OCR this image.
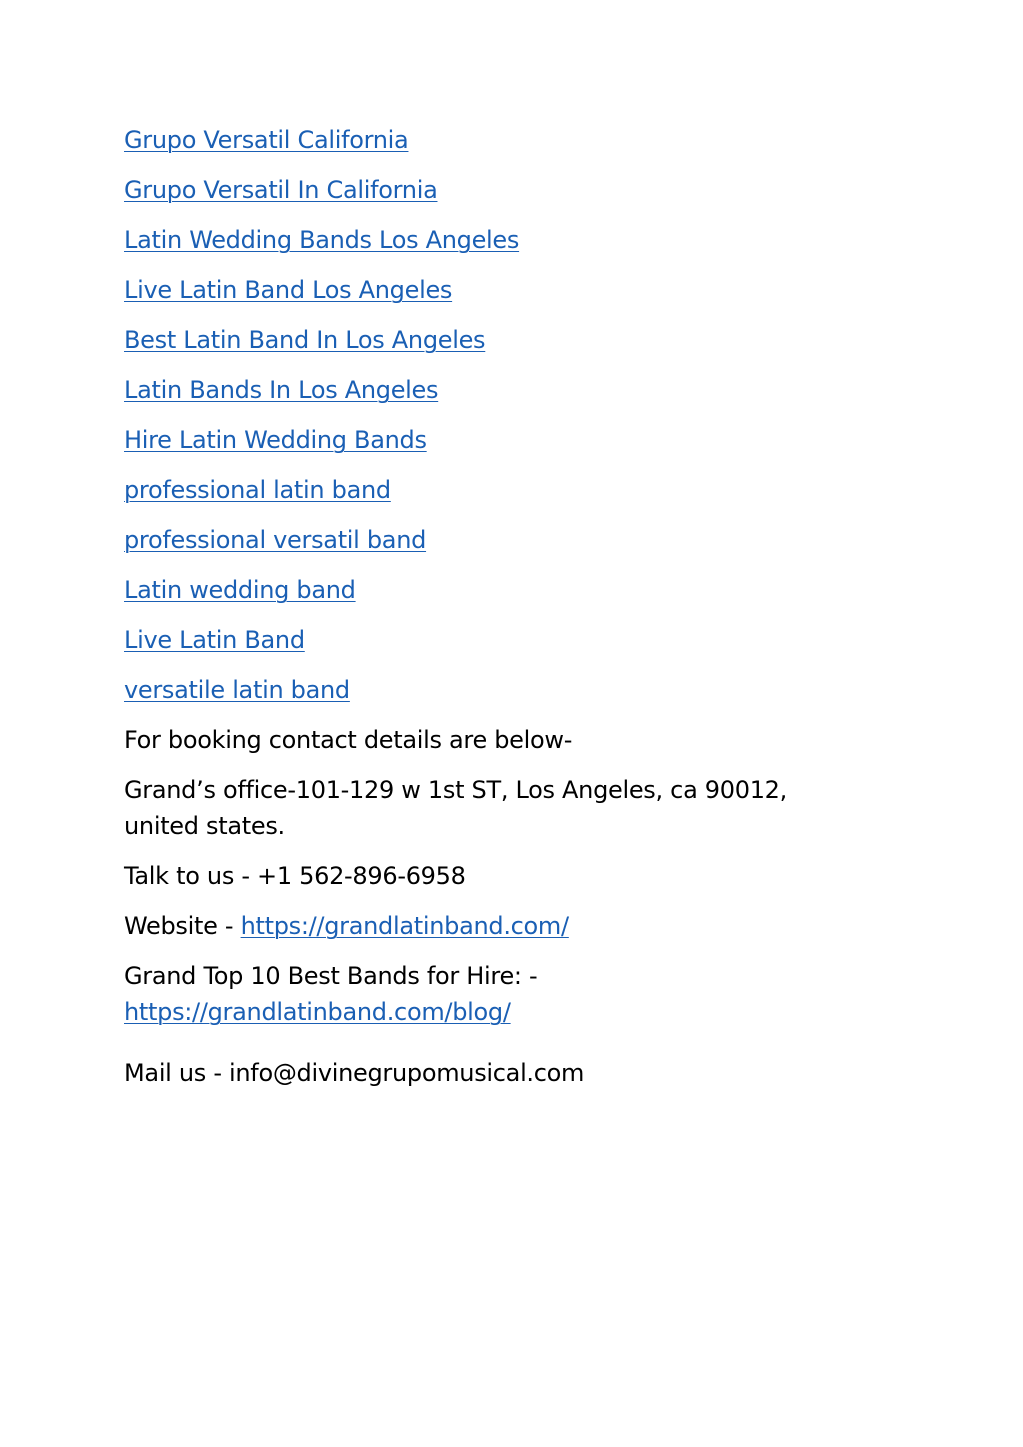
Grupo Versatil California
Grupo Versatil In California
Latin Wedding Bands Los Angeles
Live Latin Band Los Angeles
Best Latin Band In Los Angeles
Latin Bands In Los Angeles
Hire Latin Wedding Bands
professional latin band
professional versatil band
Latin wedding band
Live Latin Band
versatile latin band
For booking contact details are below-
Grand’s office-101-129 w 1st ST, Los Angeles, ca 90012, united states.
Talk to us - +1 562-896-6958
Website - https://grandlatinband.com/
Grand Top 10 Best Bands for Hire: -
https://grandlatinband.com/blog/
Mail us - info@divinegrupomusical.com
